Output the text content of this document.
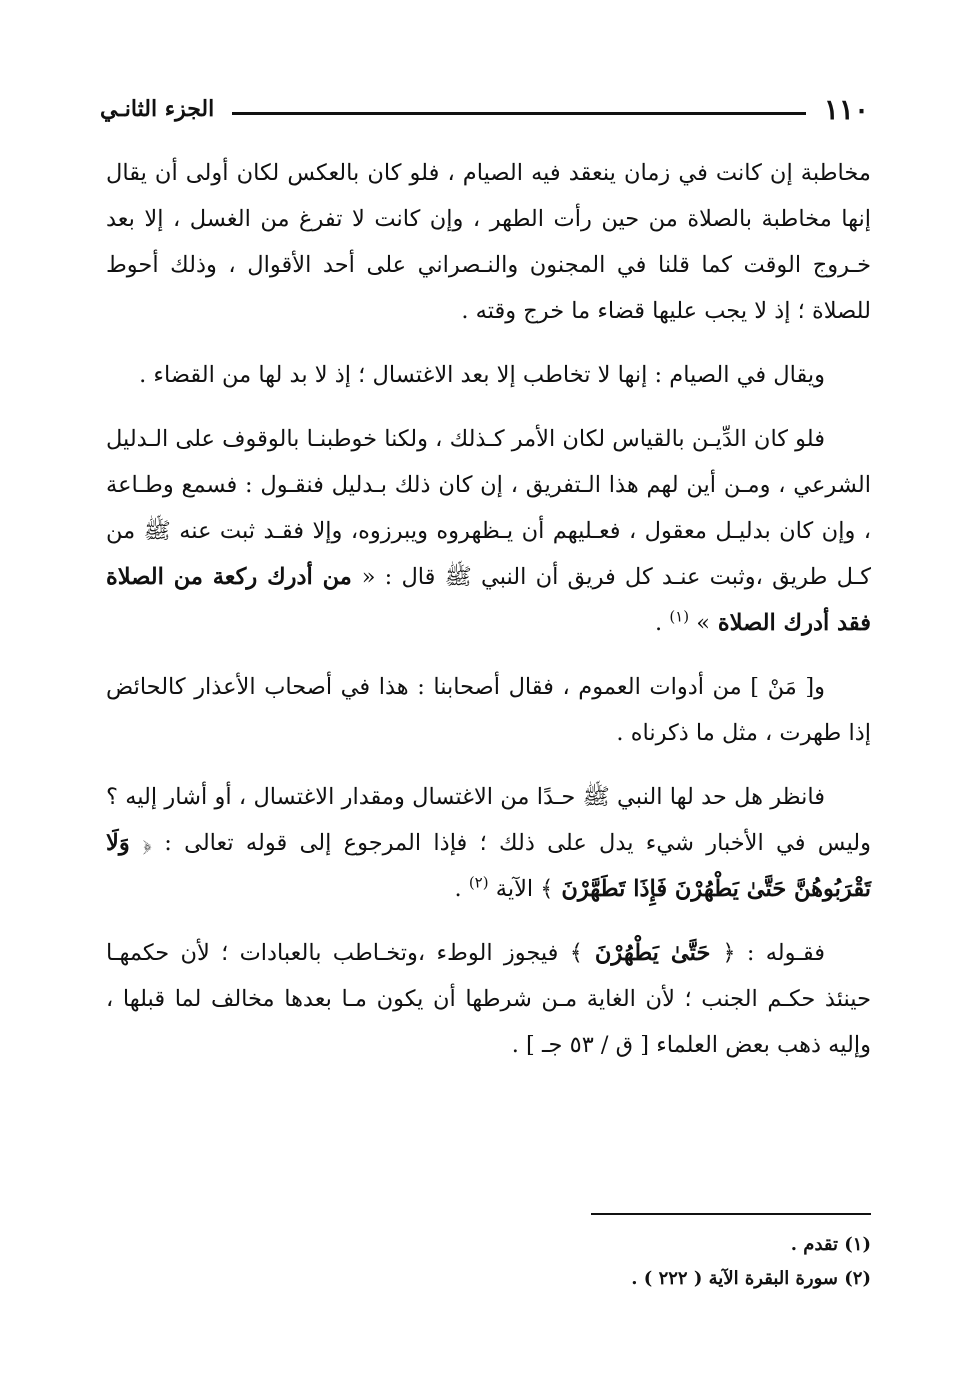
١١٠
الجزء الثانـي

مخاطبة إن كانت في زمان ينعقد فيه الصيام ، فلو كان بالعكس لكان أولى أن يقال إنها مخاطبة بالصلاة من حين رأت الطهر ، وإن كانت لا تفرغ من الغسل ، إلا بعد خـروج الوقت كما قلنا في المجنون والنـصراني على أحد الأقوال ، وذلك أحوط للصلاة ؛ إذ لا يجب عليها قضاء ما خرج وقته .

ويقال في الصيام : إنها لا تخاطب إلا بعد الاغتسال ؛ إذ لا بد لها من القضاء .

فلو كان الدِّيـن بالقياس لكان الأمر كـذلك ، ولكنا خوطبنـا بالوقوف على الـدليل الشرعي ، ومـن أين لهم هذا الـتفريق ، إن كان ذلك بـدليل فنقـول : فسمع وطـاعة ، وإن كان بدليـل معقول ، فعـليهم أن يـظهروه ويبرزوه، وإلا فقـد ثبت عنه ﷺ من كـل طريق ،وثبت عنـد كل فريق أن النبي ﷺ قال : « من أدرك ركعة من الصلاة فقد أدرك الصلاة » $^{(١)}$ .

و[ مَنْ ] من أدوات العموم ، فقال أصحابنا : هذا في أصحاب الأعذار كالحائض إذا طهرت ، مثل ما ذكرناه .

فانظر هل حد لها النبي ﷺ حـدًا من الاغتسال ومقدار الاغتسال ، أو أشار إليه ؟ وليس في الأخبار شيء يدل على ذلك ؛ فإذا المرجوع إلى قوله تعالى : ﴿ وَلَا تَقْرَبُوهُنَّ حَتَّىٰ يَطْهُرْنَ فَإِذَا تَطَهَّرْنَ ﴾ الآية $^{(٢)}$ .

فقـوله : ﴿ حَتَّىٰ يَطْهُرْنَ ﴾ فيجوز الوطء ،وتخـاطب بالعبادات ؛ لأن حكمهـا حينئذ حكـم الجنب ؛ لأن الغاية مـن شرطها أن يكون مـا بعدها مخالف لما قبلها ، وإليه ذهب بعض العلماء [ ق / ٥٣ جـ ] .

(١) تقدم .
(٢) سورة البقرة الآية ( ٢٢٢ ) .
